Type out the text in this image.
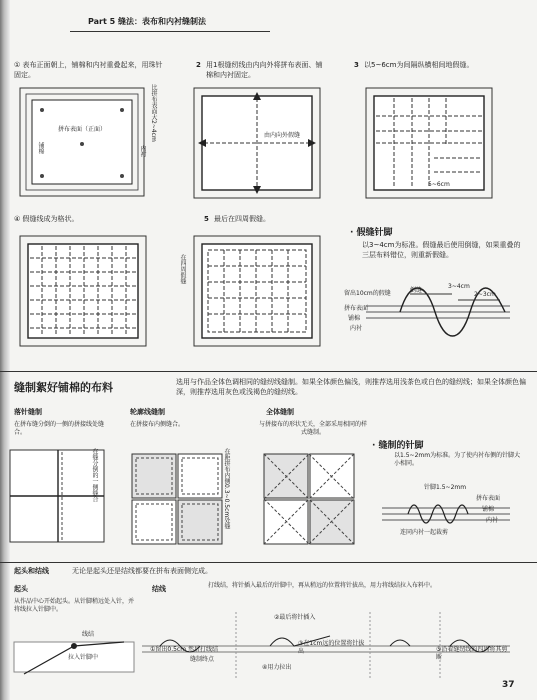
Part 5 缝法：表布和内衬缝制法
① 表布正面朝上，铺棉和内衬重叠起来，用珠针固定。
拼布表面（正面）
铺棉	内衬
比拼布表面大2~4cm
2 用1根缝纫线由内向外将拼布表面、铺棉和内衬固定。
由内向外假缝
3 以5~6cm为间隔纵横相间地假缝。
5~6cm
④ 假缝线成为格状。	5 最后在四周假缝。
在四周假缝
· 假缝针脚
以3~4cm为标准。假缝最后使用倒缝，如果重叠的三层布料错位，则重新假缝。
留出10cm的假缝
拼布表面
铺棉
内衬
倒缝
3~4cm
2~3cm
缝制絮好铺棉的布料	选用与作品全体色调相同的缝纫线缝制。如果全体颜色偏浅，则推荐选用浅茶色或白色的缝纫线；如果全体颜色偏深，则推荐选用灰色或浅褐色的缝纫线。
落针缝制
在拼布缝分倒的一侧的拼接线处缝合。
在缝分倒的一侧缝合
轮廓线缝制
在拼接布内侧缝合。
在距拼布内侧0.3~0.5cm处缝
全体缝制
与拼接布的形状无关，全部采用相同的样式缝制。
· 缝制的针脚
以1.5~2mm为标准。为了使内衬布侧的针脚大小相同。
针脚1.5~2mm
拼布表面
铺棉
内衬
连同内衬一起裁剪
起头和结线	无论是起头还是结线都要在拼布表面侧完成。
起头
从作品中心开始起头。从针脚稍远处入针，并将线拉入针脚中。
线结
拉入针脚中
结线	打线结，将针插入最后的针脚中，再从稍远的位置将针拔出，用力将线结拉入布料中。
①留出0.5cm 然后打线结
缝制终点
②最后将针插入
③在1cm远的位置将针拔出
④用力拉出
⑤沿着缝纫线的四周将其剪断
37
